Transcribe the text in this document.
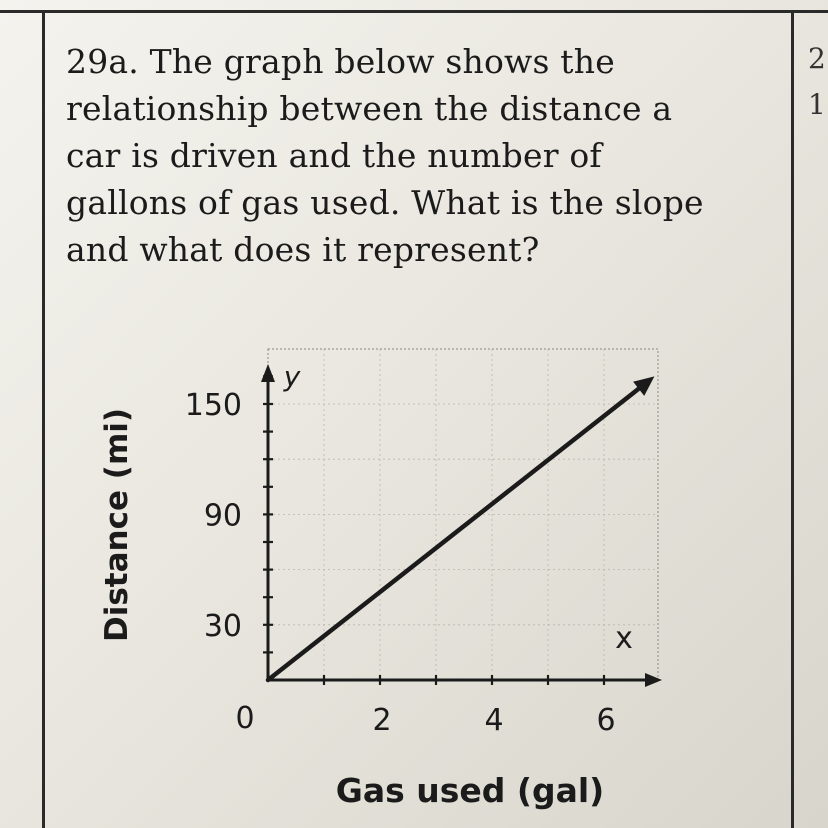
29a. The graph below shows the
relationship between the distance a
car is driven and the number of
gallons of gas used. What is the slope
and what does it represent?
2
1
30
90
150
2	4	6
0
y
x
Gas used (gal)
Distance (mi)
